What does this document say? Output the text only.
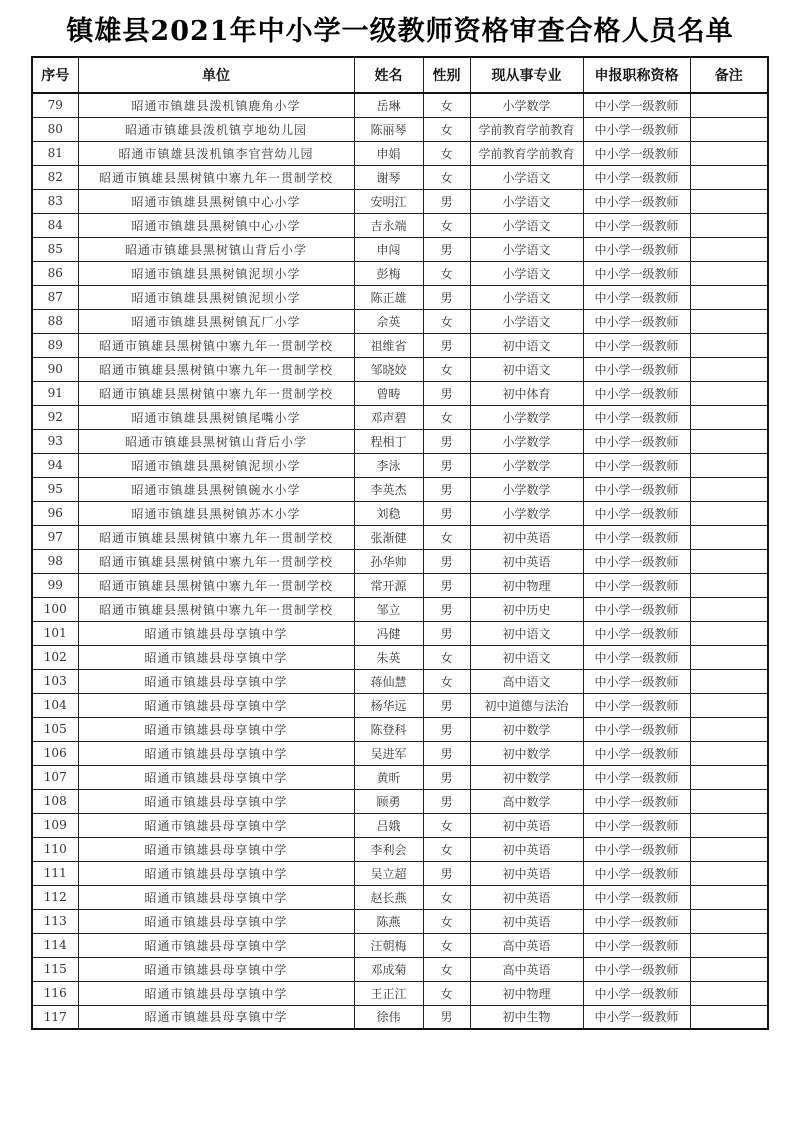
镇雄县2021年中小学一级教师资格审查合格人员名单
序号	单位	姓名	性别	现从事专业	申报职称资格	备注
79	昭通市镇雄县泼机镇鹿角小学	岳琳	女	小学数学	中小学一级教师	
80	昭通市镇雄县泼机镇亨地幼儿园	陈丽琴	女	学前教育学前教育	中小学一级教师	
81	昭通市镇雄县泼机镇李官营幼儿园	申娟	女	学前教育学前教育	中小学一级教师	
82	昭通市镇雄县黑树镇中寨九年一贯制学校	谢琴	女	小学语文	中小学一级教师	
83	昭通市镇雄县黑树镇中心小学	安明江	男	小学语文	中小学一级教师	
84	昭通市镇雄县黑树镇中心小学	吉永端	女	小学语文	中小学一级教师	
85	昭通市镇雄县黑树镇山背后小学	申闯	男	小学语文	中小学一级教师	
86	昭通市镇雄县黑树镇泥坝小学	彭梅	女	小学语文	中小学一级教师	
87	昭通市镇雄县黑树镇泥坝小学	陈正雄	男	小学语文	中小学一级教师	
88	昭通市镇雄县黑树镇瓦厂小学	佘英	女	小学语文	中小学一级教师	
89	昭通市镇雄县黑树镇中寨九年一贯制学校	祖维省	男	初中语文	中小学一级教师	
90	昭通市镇雄县黑树镇中寨九年一贯制学校	邹晓姣	女	初中语文	中小学一级教师	
91	昭通市镇雄县黑树镇中寨九年一贯制学校	曾畴	男	初中体育	中小学一级教师	
92	昭通市镇雄县黑树镇尾嘴小学	邓声碧	女	小学数学	中小学一级教师	
93	昭通市镇雄县黑树镇山背后小学	程相丁	男	小学数学	中小学一级教师	
94	昭通市镇雄县黑树镇泥坝小学	李泳	男	小学数学	中小学一级教师	
95	昭通市镇雄县黑树镇碗水小学	李英杰	男	小学数学	中小学一级教师	
96	昭通市镇雄县黑树镇苏木小学	刘稳	男	小学数学	中小学一级教师	
97	昭通市镇雄县黑树镇中寨九年一贯制学校	张渐健	女	初中英语	中小学一级教师	
98	昭通市镇雄县黑树镇中寨九年一贯制学校	孙华帅	男	初中英语	中小学一级教师	
99	昭通市镇雄县黑树镇中寨九年一贯制学校	常开源	男	初中物理	中小学一级教师	
100	昭通市镇雄县黑树镇中寨九年一贯制学校	邹立	男	初中历史	中小学一级教师	
101	昭通市镇雄县母享镇中学	冯健	男	初中语文	中小学一级教师	
102	昭通市镇雄县母享镇中学	朱英	女	初中语文	中小学一级教师	
103	昭通市镇雄县母享镇中学	蒋仙慧	女	高中语文	中小学一级教师	
104	昭通市镇雄县母享镇中学	杨华远	男	初中道德与法治	中小学一级教师	
105	昭通市镇雄县母享镇中学	陈登科	男	初中数学	中小学一级教师	
106	昭通市镇雄县母享镇中学	吴进军	男	初中数学	中小学一级教师	
107	昭通市镇雄县母享镇中学	黄昕	男	初中数学	中小学一级教师	
108	昭通市镇雄县母享镇中学	顾勇	男	高中数学	中小学一级教师	
109	昭通市镇雄县母享镇中学	吕娥	女	初中英语	中小学一级教师	
110	昭通市镇雄县母享镇中学	李利会	女	初中英语	中小学一级教师	
111	昭通市镇雄县母享镇中学	吴立超	男	初中英语	中小学一级教师	
112	昭通市镇雄县母享镇中学	赵长燕	女	初中英语	中小学一级教师	
113	昭通市镇雄县母享镇中学	陈燕	女	初中英语	中小学一级教师	
114	昭通市镇雄县母享镇中学	汪朝梅	女	高中英语	中小学一级教师	
115	昭通市镇雄县母享镇中学	邓成菊	女	高中英语	中小学一级教师	
116	昭通市镇雄县母享镇中学	王正江	女	初中物理	中小学一级教师	
117	昭通市镇雄县母享镇中学	徐伟	男	初中生物	中小学一级教师	
